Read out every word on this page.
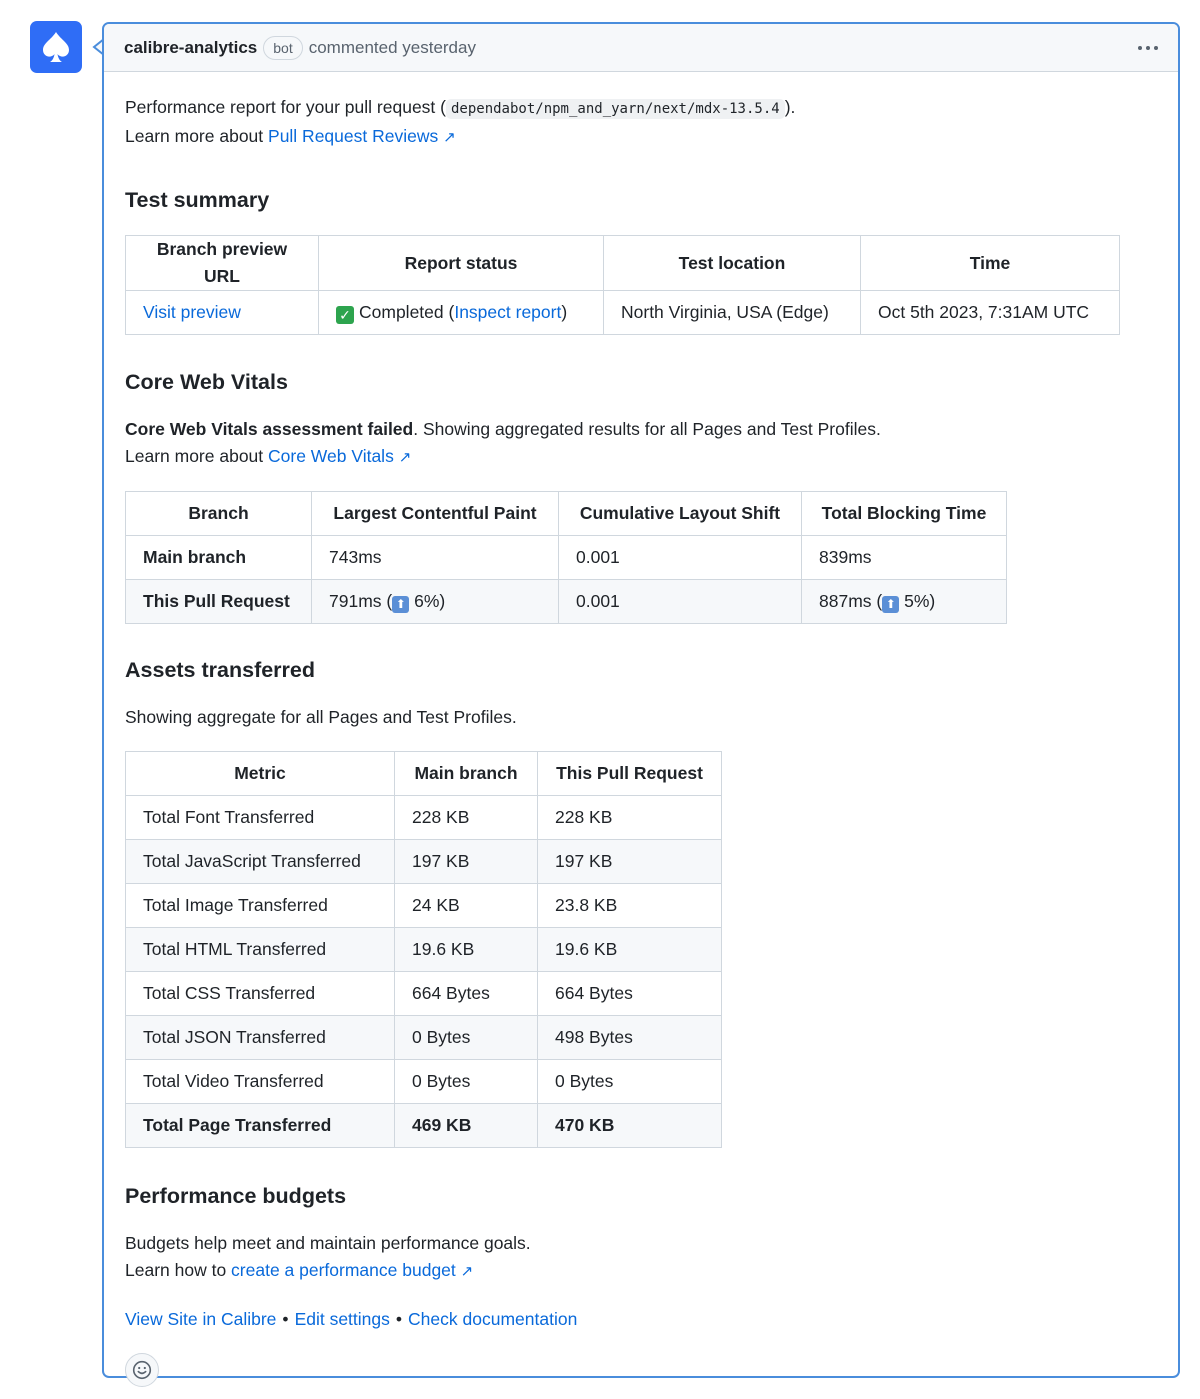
calibre-analytics	bot commented yesterday

Performance report for your pull request ( dependabot/npm_and_yarn/next/mdx-13.5.4 ).

Learn more about Pull Request Reviews ↗

Test summary
Branch preview URL	Report status	Test location	Time
Visit preview	✓ Completed (Inspect report)	North Virginia, USA (Edge)	Oct 5th 2023, 7:31AM UTC
Core Web Vitals

Core Web Vitals assessment failed. Showing aggregated results for all Pages and Test Profiles.

Learn more about Core Web Vitals ↗

Branch	Largest Contentful Paint	Cumulative Layout Shift	Total Blocking Time
Main branch	743ms	0.001	839ms
This Pull Request	791ms ( ⬆ 6%)	0.001	887ms ( ⬆ 5%)
Assets transferred

Showing aggregate for all Pages and Test Profiles.

Metric	Main branch	This Pull Request
Total Font Transferred	228 KB	228 KB
Total JavaScript Transferred	197 KB	197 KB
Total Image Transferred	24 KB	23.8 KB
Total HTML Transferred	19.6 KB	19.6 KB
Total CSS Transferred	664 Bytes	664 Bytes
Total JSON Transferred	0 Bytes	498 Bytes
Total Video Transferred	0 Bytes	0 Bytes
Total Page Transferred	469 KB	470 KB
Performance budgets

Budgets help meet and maintain performance goals.

Learn how to create a performance budget ↗

View Site in Calibre • Edit settings • Check documentation
